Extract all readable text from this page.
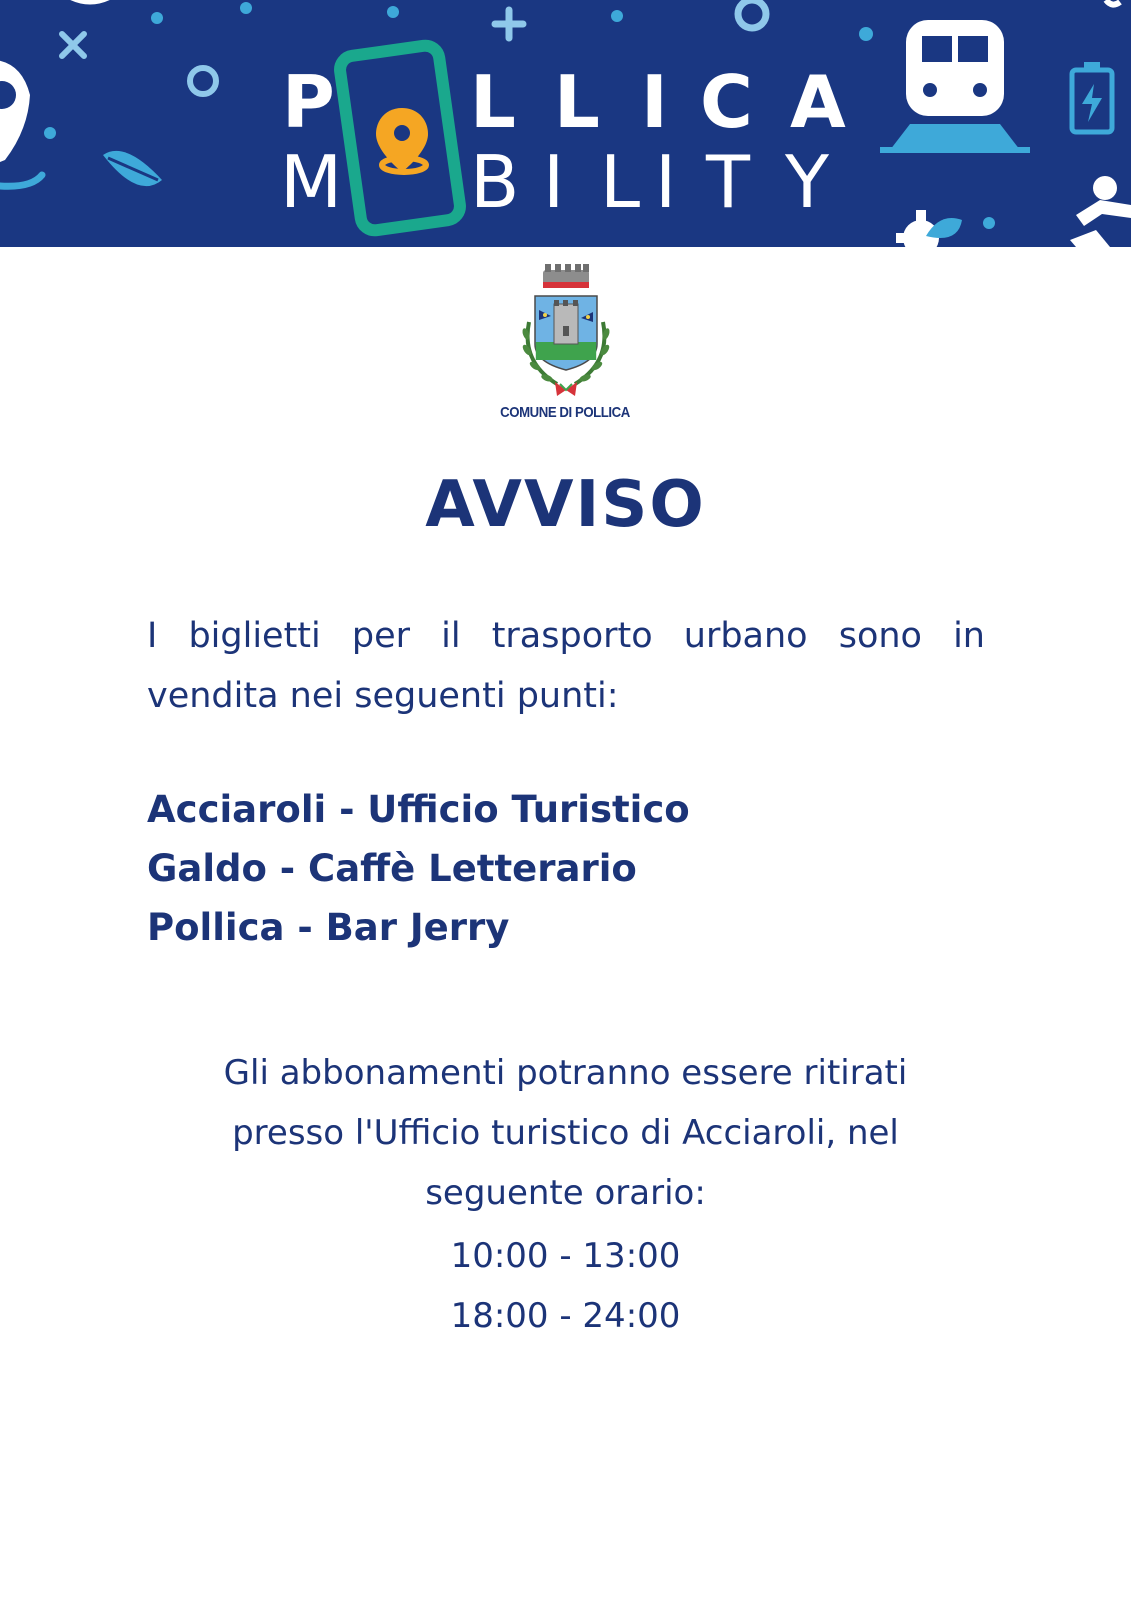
P L L I C A
M B I L I T Y
COMUNE DI POLLICA
AVVISO

I biglietti per il trasporto urbano sono in vendita nei seguenti punti:

Acciaroli - Ufficio Turistico
Galdo - Caffè Letterario
Pollica - Bar Jerry
Gli abbonamenti potranno essere ritirati
presso l'Ufficio turistico di Acciaroli, nel
seguente orario:
10:00 - 13:00
18:00 - 24:00
